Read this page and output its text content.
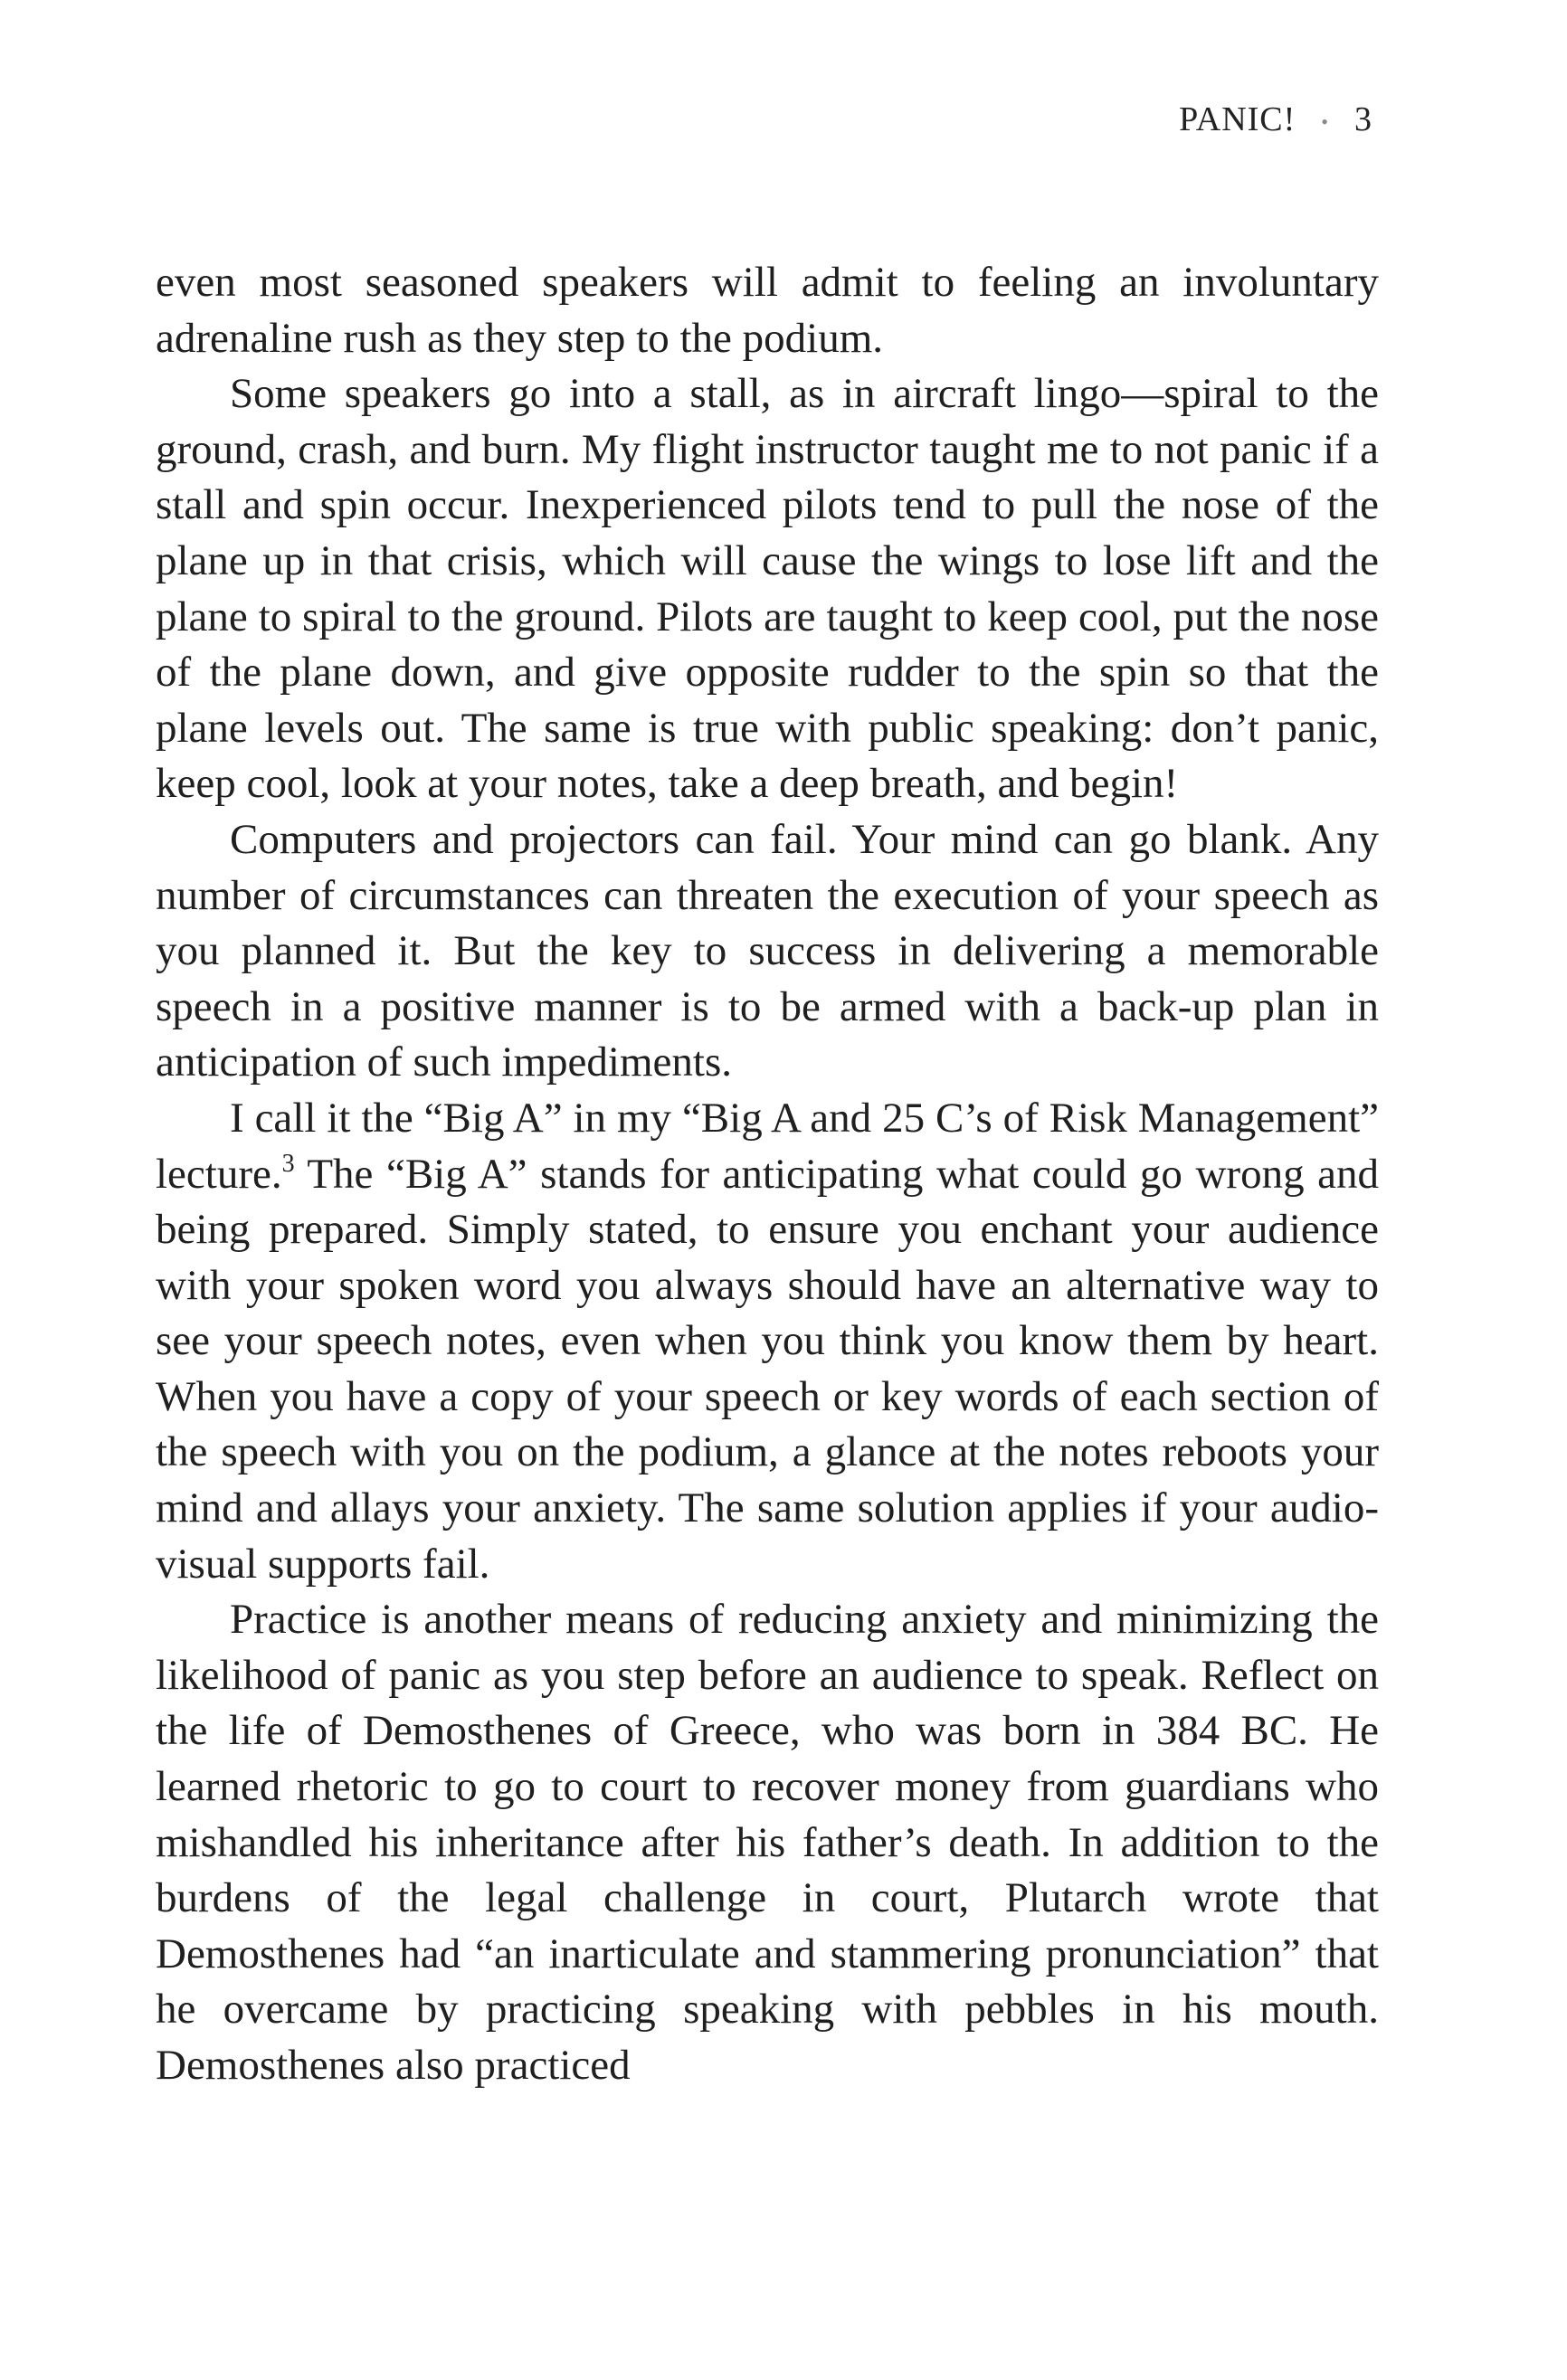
PANIC! • 3

even most seasoned speakers will admit to feeling an involuntary adrenaline rush as they step to the podium.

Some speakers go into a stall, as in aircraft lingo—spiral to the ground, crash, and burn. My flight instructor taught me to not panic if a stall and spin occur. Inexperienced pilots tend to pull the nose of the plane up in that crisis, which will cause the wings to lose lift and the plane to spiral to the ground. Pilots are taught to keep cool, put the nose of the plane down, and give opposite rudder to the spin so that the plane levels out. The same is true with public speaking: don’t panic, keep cool, look at your notes, take a deep breath, and begin!

Computers and projectors can fail. Your mind can go blank. Any number of circumstances can threaten the execution of your speech as you planned it. But the key to success in delivering a memorable speech in a positive manner is to be armed with a back-up plan in anticipation of such impediments.

I call it the “Big A” in my “Big A and 25 C’s of Risk Management” lecture.$^3$ The “Big A” stands for anticipating what could go wrong and being prepared. Simply stated, to ensure you enchant your audience with your spoken word you always should have an alternative way to see your speech notes, even when you think you know them by heart. When you have a copy of your speech or key words of each section of the speech with you on the podium, a glance at the notes reboots your mind and allays your anxiety. The same solution applies if your audio-visual supports fail.

Practice is another means of reducing anxiety and minimizing the likelihood of panic as you step before an audience to speak. Reflect on the life of Demosthenes of Greece, who was born in 384 BC. He learned rhetoric to go to court to recover money from guardians who mishandled his inheritance after his father’s death. In addition to the burdens of the legal challenge in court, Plutarch wrote that Demosthenes had “an inarticulate and stammering pronunciation” that he overcame by practicing speaking with pebbles in his mouth. Demosthenes also practiced
